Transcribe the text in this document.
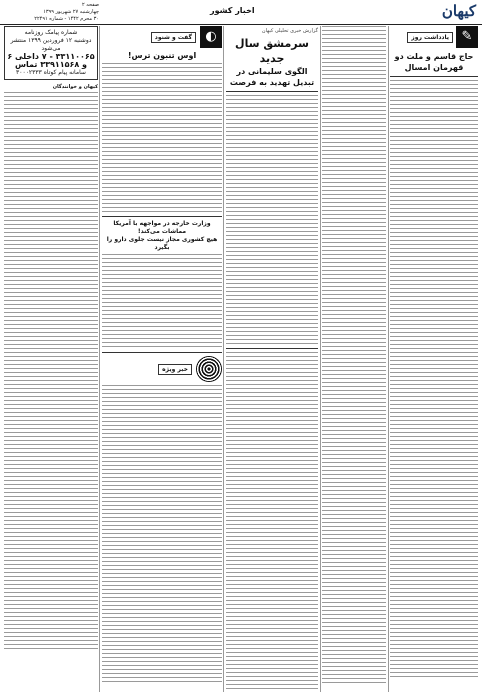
کیهان
اخبار کشور
صفحه ۲
چهارشنبه ۲۷ شهریور ۱۳۹۹
۳۰ محرم ۱۴۴۲ - شماره ۲۲۴۹۱
✎
یادداشت روز
حاج قاسم و ملت دو قهرمان امسال
گزارش خبری تحلیلی کیهان
سرمشق سال جدید
الگوی سلیمانی در تبدیل تهدید به فرصت
◐
گفت و شنود
اوس تنبون ترس!
وزارت خارجه در مواجهه با آمریکا مماشات می‌کند!
هیچ کشوری مجاز نیست جلوی دارو را بگیرد
خبر ویژه
شماره پیامک روزنامه
دوشنبه ۱۲ فروردین ۱۳۹۹ منتشر می‌شود
۳۳۱۱۰۰۶۵ - ۷ داخلی ۶ و ۳۳۹۱۱۵۶۸ تماس
سامانه پیام کوتاه ۳۰۰۰۲۳۳۳
کیهان و خوانندگان
